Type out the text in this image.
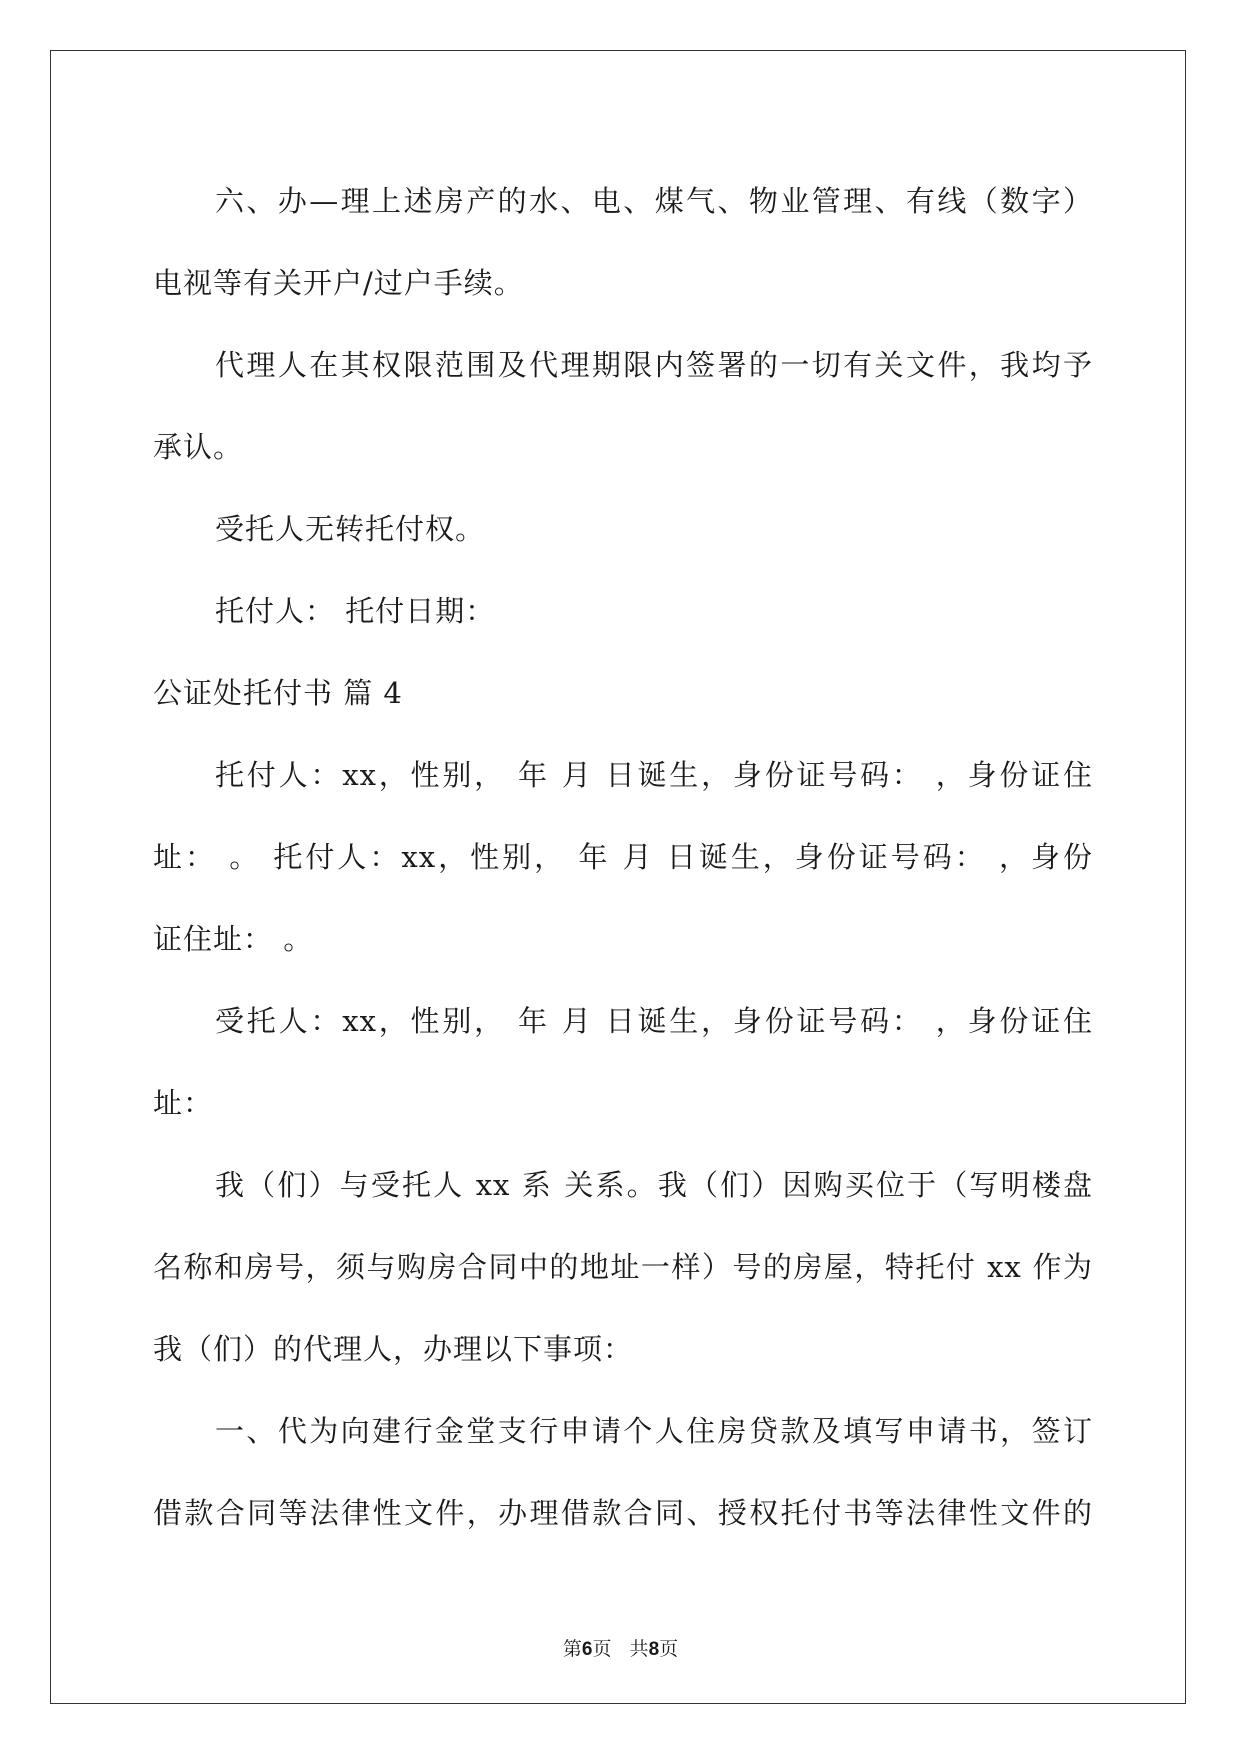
六、办—理上述房产的水、电、煤气、物业管理、有线（数字）
电视等有关开户/过户手续。
代理人在其权限范围及代理期限内签署的一切有关文件，我均予
承认。
受托人无转托付权。
托付人： 托付日期：
公证处托付书 篇 4
托付人：xx，性别， 年 月 日诞生，身份证号码： ，身份证住
址： 。 托付人：xx，性别， 年 月 日诞生，身份证号码： ，身份
证住址： 。
受托人：xx，性别， 年 月 日诞生，身份证号码： ，身份证住
址：
我（们）与受托人 xx 系 关系。我（们）因购买位于（写明楼盘
名称和房号，须与购房合同中的地址一样）号的房屋，特托付 xx 作为
我（们）的代理人，办理以下事项：
一、代为向建行金堂支行申请个人住房贷款及填写申请书，签订
借款合同等法律性文件，办理借款合同、授权托付书等法律性文件的
第6页   共8页
